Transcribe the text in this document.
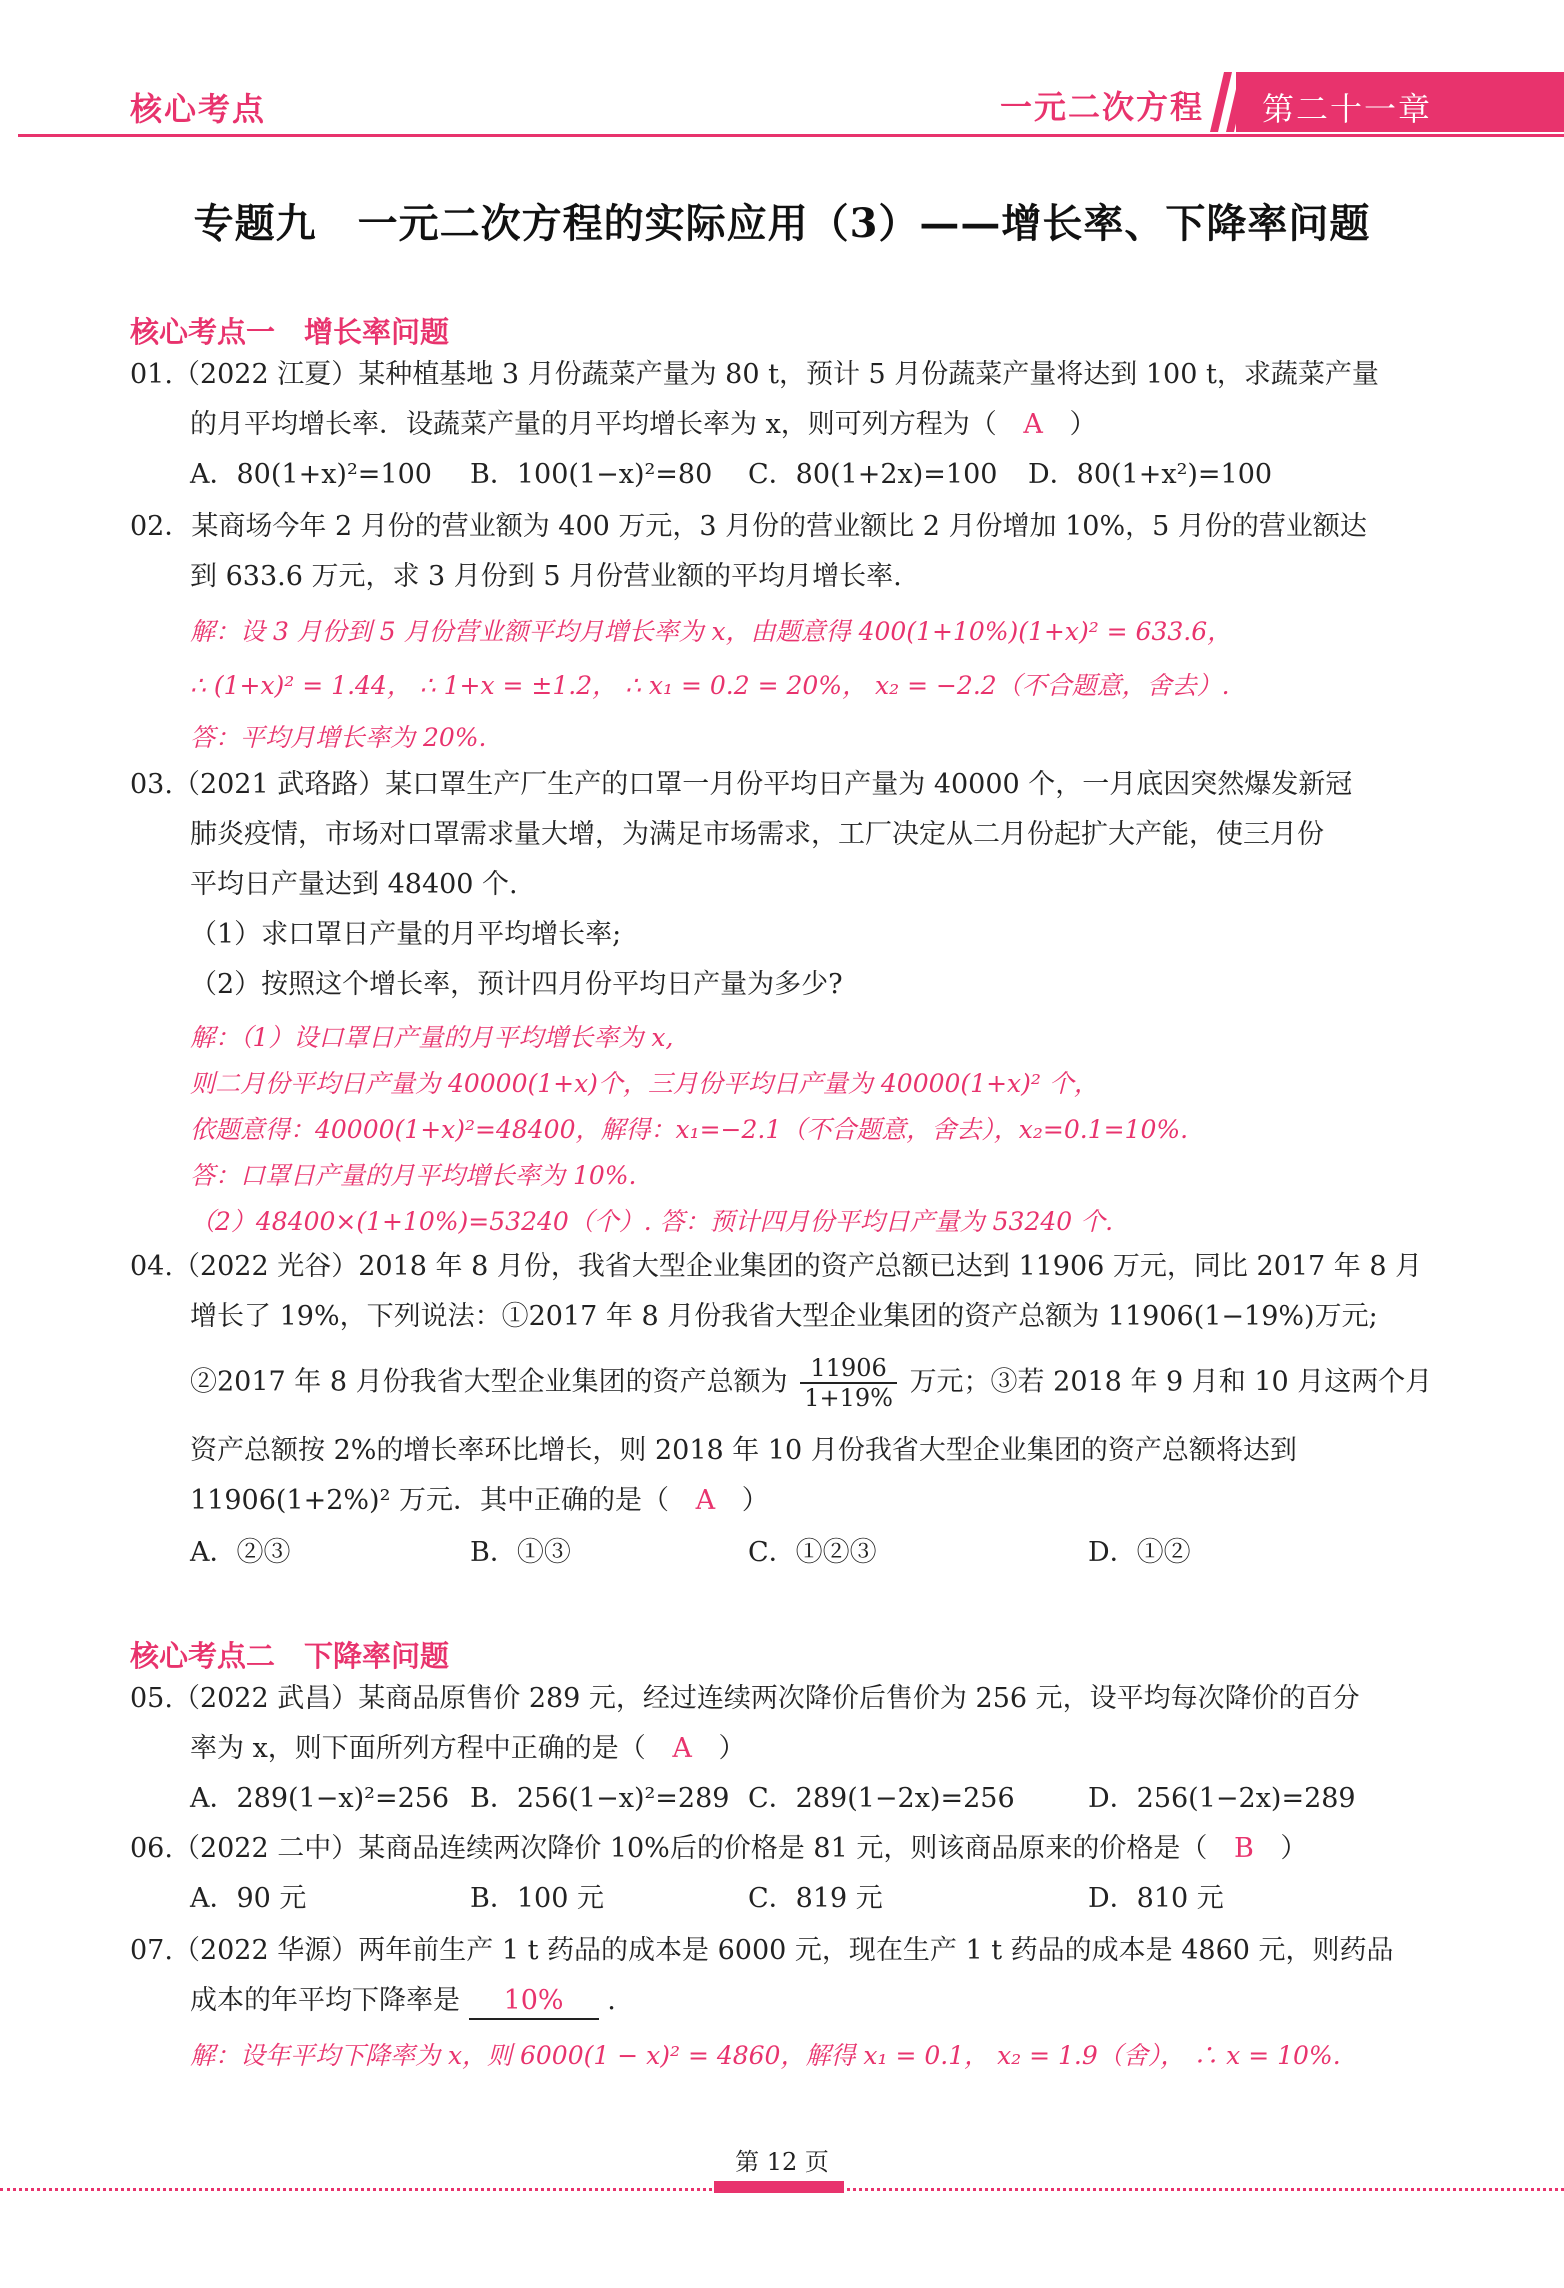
核心考点	一元二次方程 第二十一章
专题九　一元二次方程的实际应用（3）——增长率、下降率问题
核心考点一　增长率问题
01.（2022 江夏）某种植基地 3 月份蔬菜产量为 80 t，预计 5 月份蔬菜产量将达到 100 t，求蔬菜产量
的月平均增长率．设蔬菜产量的月平均增长率为 x，则可列方程为（ A ）
A．80(1+x)²=100 B．100(1−x)²=80 C．80(1+2x)=100 D．80(1+x²)=100
02．某商场今年 2 月份的营业额为 400 万元，3 月份的营业额比 2 月份增加 10%，5 月份的营业额达
到 633.6 万元，求 3 月份到 5 月份营业额的平均月增长率.
解：设 3 月份到 5 月份营业额平均月增长率为 x，由题意得 400(1+10%)(1+x)² = 633.6，
∴ (1+x)² = 1.44， ∴ 1+x = ±1.2， ∴ x₁ = 0.2 = 20%， x₂ = −2.2（不合题意，舍去）.
答：平均月增长率为 20%.
03.（2021 武珞路）某口罩生产厂生产的口罩一月份平均日产量为 40000 个，一月底因突然爆发新冠
肺炎疫情，市场对口罩需求量大增，为满足市场需求，工厂决定从二月份起扩大产能，使三月份
平均日产量达到 48400 个.
（1）求口罩日产量的月平均增长率;
（2）按照这个增长率，预计四月份平均日产量为多少?
解：（1）设口罩日产量的月平均增长率为 x,
则二月份平均日产量为 40000(1+x)个，三月份平均日产量为 40000(1+x)² 个，
依题意得：40000(1+x)²=48400，解得：x₁=−2.1（不合题意，舍去），x₂=0.1=10%.
答：口罩日产量的月平均增长率为 10%.
（2）48400×(1+10%)=53240（个）. 答：预计四月份平均日产量为 53240 个.
04.（2022 光谷）2018 年 8 月份，我省大型企业集团的资产总额已达到 11906 万元，同比 2017 年 8 月
增长了 19%，下列说法：①2017 年 8 月份我省大型企业集团的资产总额为 11906(1−19%)万元;
②2017 年 8 月份我省大型企业集团的资产总额为 $\frac{11906}{1+19\%}$ 万元；③若 2018 年 9 月和 10 月这两个月
资产总额按 2%的增长率环比增长，则 2018 年 10 月份我省大型企业集团的资产总额将达到
11906(1+2%)² 万元．其中正确的是（ A ）
A．②③	B．①③	C．①②③	D．①②
核心考点二　下降率问题
05.（2022 武昌）某商品原售价 289 元，经过连续两次降价后售价为 256 元，设平均每次降价的百分
率为 x，则下面所列方程中正确的是（ A ）
A．289(1−x)²=256 B．256(1−x)²=289 C．289(1−2x)=256	D．256(1−2x)=289
06.（2022 二中）某商品连续两次降价 10%后的价格是 81 元，则该商品原来的价格是（ B ）
A．90 元	B．100 元	C．819 元	D．810 元
07.（2022 华源）两年前生产 1 t 药品的成本是 6000 元，现在生产 1 t 药品的成本是 4860 元，则药品
成本的年平均下降率是 10% .
解：设年平均下降率为 x，则 6000(1 − x)² = 4860，解得 x₁ = 0.1， x₂ = 1.9（舍）， ∴ x = 10%.
第 12 页
